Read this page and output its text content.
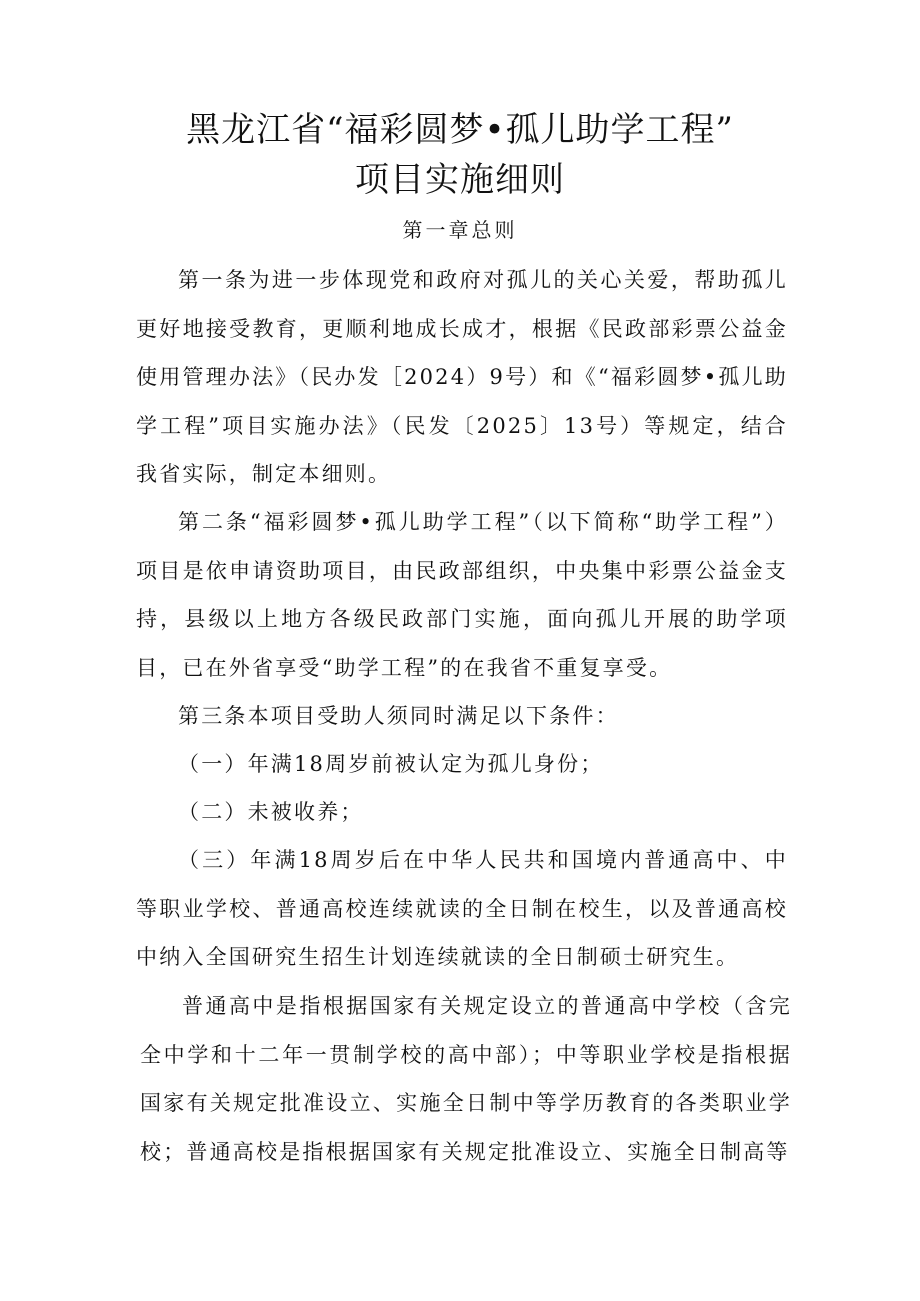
黑龙江省“福彩圆梦•孤儿助学工程”
项目实施细则
第一章总则

第一条为进一步体现党和政府对孤儿的关心关爱，帮助孤儿更好地接受教育，更顺利地成长成才，根据《民政部彩票公益金使用管理办法》（民办发［2024）9号）和《“福彩圆梦•孤儿助学工程”项目实施办法》（民发〔2025〕13号）等规定，结合我省实际，制定本细则。

第二条“福彩圆梦•孤儿助学工程”（以下简称“助学工程”）项目是依申请资助项目，由民政部组织，中央集中彩票公益金支持，县级以上地方各级民政部门实施，面向孤儿开展的助学项目，已在外省享受“助学工程”的在我省不重复享受。

第三条本项目受助人须同时满足以下条件：

（一）年满18周岁前被认定为孤儿身份；

（二）未被收养；

（三）年满18周岁后在中华人民共和国境内普通高中、中等职业学校、普通高校连续就读的全日制在校生，以及普通高校中纳入全国研究生招生计划连续就读的全日制硕士研究生。

普通高中是指根据国家有关规定设立的普通高中学校（含完全中学和十二年一贯制学校的高中部）；中等职业学校是指根据国家有关规定批准设立、实施全日制中等学历教育的各类职业学校；普通高校是指根据国家有关规定批准设立、实施全日制高等
